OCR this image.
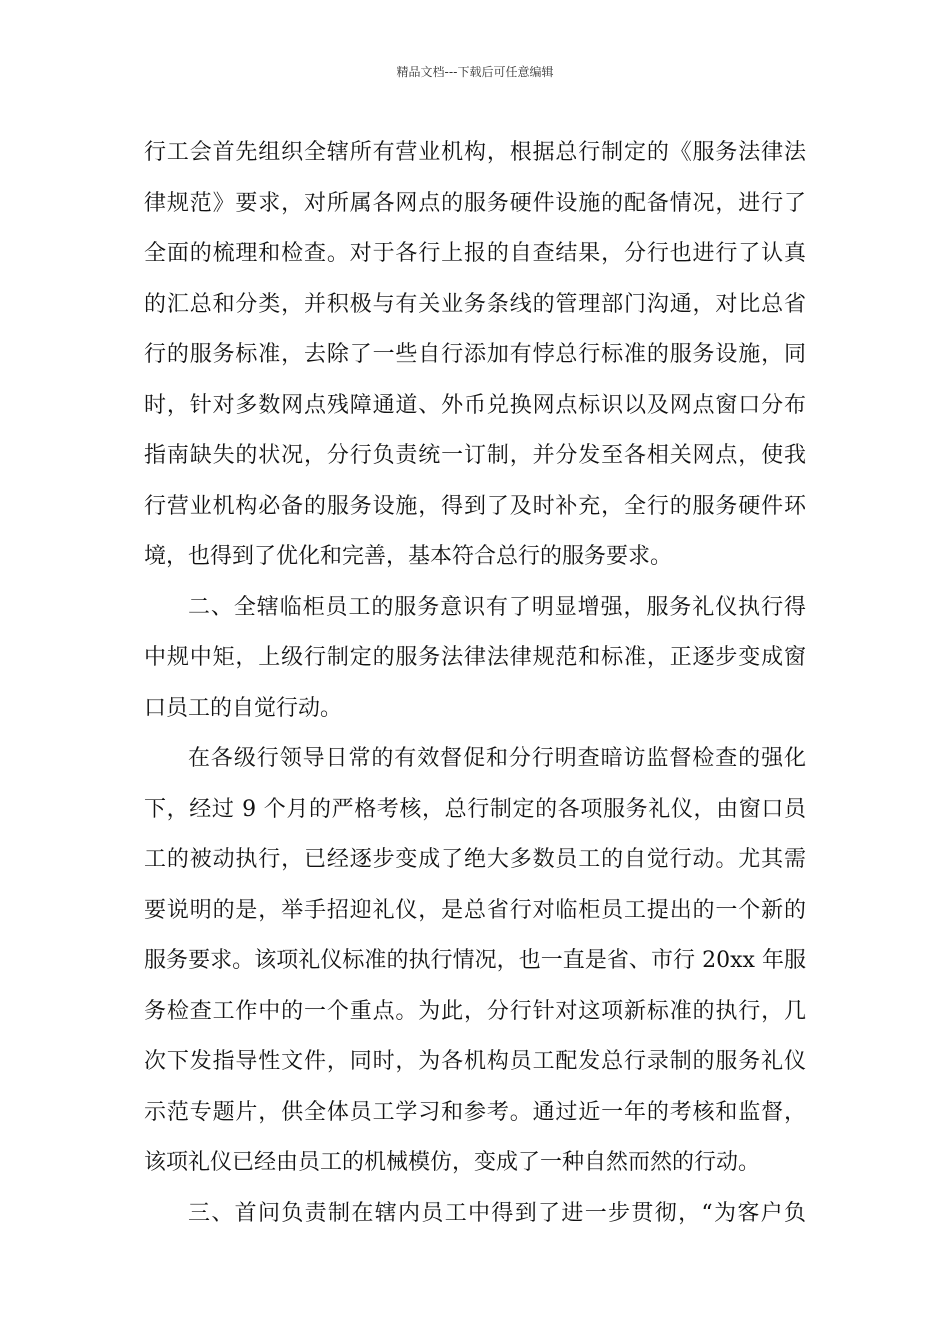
精品文档---下载后可任意编辑
行工会首先组织全辖所有营业机构，根据总行制定的《服务法律法
律规范》要求，对所属各网点的服务硬件设施的配备情况，进行了
全面的梳理和检查。对于各行上报的自查结果，分行也进行了认真
的汇总和分类，并积极与有关业务条线的管理部门沟通，对比总省
行的服务标准，去除了一些自行添加有悖总行标准的服务设施，同
时，针对多数网点残障通道、外币兑换网点标识以及网点窗口分布
指南缺失的状况，分行负责统一订制，并分发至各相关网点，使我
行营业机构必备的服务设施，得到了及时补充，全行的服务硬件环
境，也得到了优化和完善，基本符合总行的服务要求。
二、全辖临柜员工的服务意识有了明显增强，服务礼仪执行得
中规中矩，上级行制定的服务法律法律规范和标准，正逐步变成窗
口员工的自觉行动。
在各级行领导日常的有效督促和分行明查暗访监督检查的强化
下，经过 9 个月的严格考核，总行制定的各项服务礼仪，由窗口员
工的被动执行，已经逐步变成了绝大多数员工的自觉行动。尤其需
要说明的是，举手招迎礼仪，是总省行对临柜员工提出的一个新的
服务要求。该项礼仪标准的执行情况，也一直是省、市行 20xx 年服
务检查工作中的一个重点。为此，分行针对这项新标准的执行，几
次下发指导性文件，同时，为各机构员工配发总行录制的服务礼仪
示范专题片，供全体员工学习和参考。通过近一年的考核和监督，
该项礼仪已经由员工的机械模仿，变成了一种自然而然的行动。
三、首问负责制在辖内员工中得到了进一步贯彻，“为客户负
